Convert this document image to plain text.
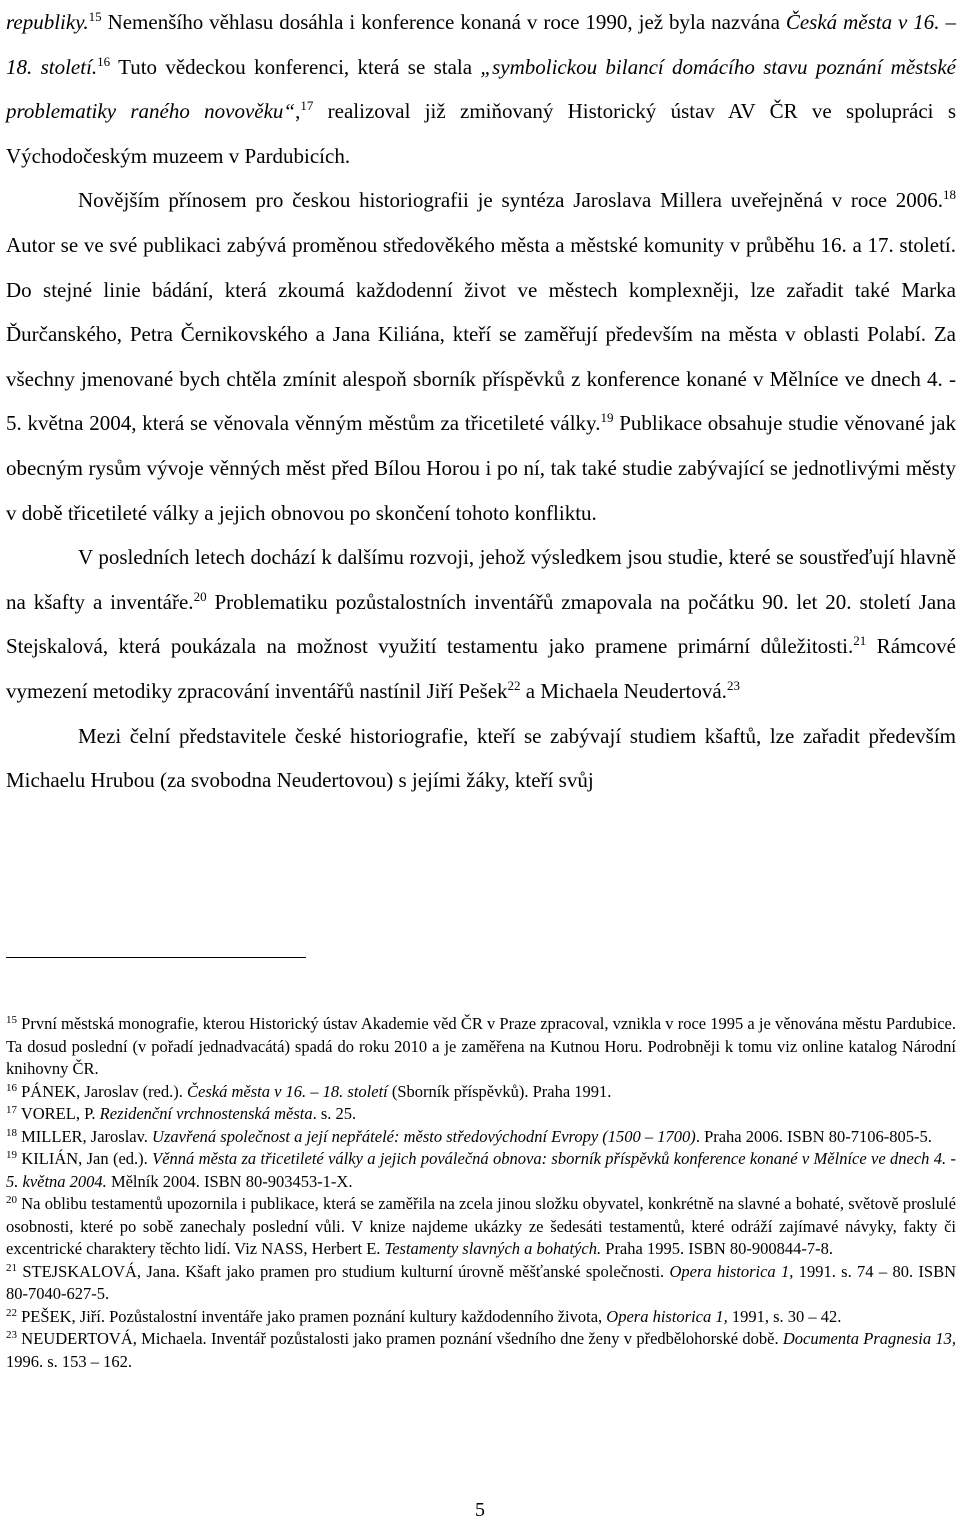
republiky.$^{15}$ Nemenšího věhlasu dosáhla i konference konaná v roce 1990, jež byla nazvána Česká města v 16. – 18. století.$^{16}$ Tuto vědeckou konferenci, která se stala „symbolickou bilancí domácího stavu poznání městské problematiky raného novověku“,$^{17}$ realizoval již zmiňovaný Historický ústav AV ČR ve spolupráci s Východočeským muzeem v Pardubicích.

Novějším přínosem pro českou historiografii je syntéza Jaroslava Millera uveřejněná v roce 2006.18 Autor se ve své publikaci zabývá proměnou středověkého města a městské komunity v průběhu 16. a 17. století. Do stejné linie bádání, která zkoumá každodenní život ve městech komplexněji, lze zařadit také Marka Ďurčanského, Petra Černikovského a Jana Kiliána, kteří se zaměřují především na města v oblasti Polabí. Za všechny jmenované bych chtěla zmínit alespoň sborník příspěvků z konference konané v Mělníce ve dnech 4. - 5. května 2004, která se věnovala věnným městům za třicetileté války.$^{19}$ Publikace obsahuje studie věnované jak obecným rysům vývoje věnných měst před Bílou Horou i po ní, tak také studie zabývající se jednotlivými městy v době třicetileté války a jejich obnovou po skončení tohoto konfliktu.

V posledních letech dochází k dalšímu rozvoji, jehož výsledkem jsou studie, které se soustřeďují hlavně na kšafty a inventáře.$^{20}$ Problematiku pozůstalostních inventářů zmapovala na počátku 90. let 20. století Jana Stejskalová, která poukázala na možnost využití testamentu jako pramene primární důležitosti.$^{21}$ Rámcové vymezení metodiky zpracování inventářů nastínil Jiří Pešek$^{22}$ a Michaela Neudertová.$^{23}$

Mezi čelní představitele české historiografie, kteří se zabývají studiem kšaftů, lze zařadit především Michaelu Hrubou (za svobodna Neudertovou) s jejími žáky, kteří svůj

$^{15}$ První městská monografie, kterou Historický ústav Akademie věd ČR v Praze zpracoval, vznikla v roce 1995 a je věnována městu Pardubice. Ta dosud poslední (v pořadí jednadvacátá) spadá do roku 2010 a je zaměřena na Kutnou Horu. Podrobněji k tomu viz online katalog Národní knihovny ČR.

$^{16}$ PÁNEK, Jaroslav (red.). Česká města v 16. – 18. století (Sborník příspěvků). Praha 1991.

$^{17}$ VOREL, P. Rezidenční vrchnostenská města. s. 25.

$^{18}$ MILLER, Jaroslav. Uzavřená společnost a její nepřátelé: město středovýchodní Evropy (1500 – 1700). Praha 2006. ISBN 80-7106-805-5.

$^{19}$ KILIÁN, Jan (ed.). Věnná města za třicetileté války a jejich poválečná obnova: sborník příspěvků konference konané v Mělníce ve dnech 4. - 5. května 2004. Mělník 2004. ISBN 80-903453-1-X.

$^{20}$ Na oblibu testamentů upozornila i publikace, která se zaměřila na zcela jinou složku obyvatel, konkrétně na slavné a bohaté, světově proslulé osobnosti, které po sobě zanechaly poslední vůli. V knize najdeme ukázky ze šedesáti testamentů, které odráží zajímavé návyky, fakty či excentrické charaktery těchto lidí. Viz NASS, Herbert E. Testamenty slavných a bohatých. Praha 1995. ISBN 80-900844-7-8.

$^{21}$ STEJSKALOVÁ, Jana. Kšaft jako pramen pro studium kulturní úrovně měšťanské společnosti. Opera historica 1, 1991. s. 74 – 80. ISBN 80-7040-627-5.

$^{22}$ PEŠEK, Jiří. Pozůstalostní inventáře jako pramen poznání kultury každodenního života, Opera historica 1, 1991, s. 30 – 42.

$^{23}$ NEUDERTOVÁ, Michaela. Inventář pozůstalosti jako pramen poznání všedního dne ženy v předbělohorské době. Documenta Pragnesia 13, 1996. s. 153 – 162.

5
